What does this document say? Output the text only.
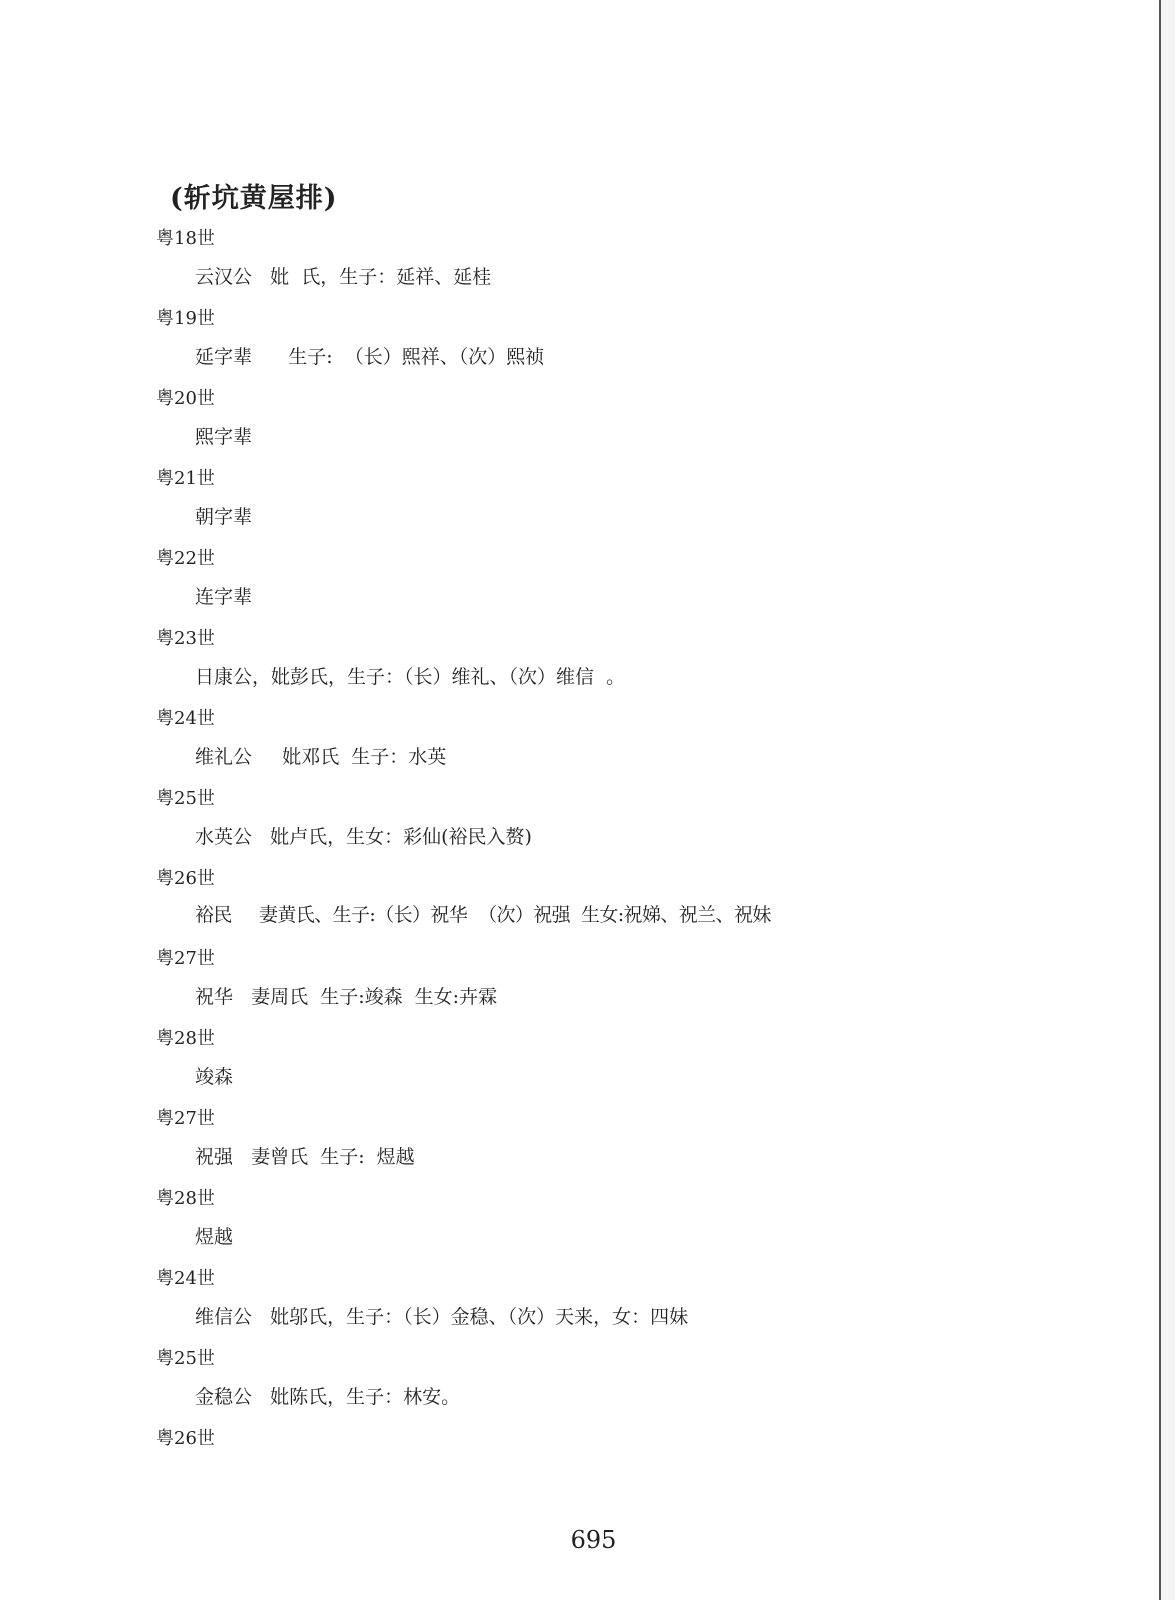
(斩坑黄屋排)
粤18世
云汉公   妣  氏，生子：延祥、延桂
粤19世
延字辈      生子:  （长）熙祥、（次）熙祯
粤20世
熙字辈
粤21世
朝字辈
粤22世
连字辈
粤23世
日康公，妣彭氏，生子：（长）维礼、（次）维信  。
粤24世
维礼公     妣邓氏  生子：水英
粤25世
水英公   妣卢氏，生女：彩仙(裕民入赘)
粤26世
裕民     妻黄氏、生子:（长）祝华  （次）祝强  生女:祝娣、祝兰、祝妹
粤27世
祝华   妻周氏  生子:竣森  生女:卉霖
粤28世
竣森
粤27世
祝强   妻曾氏  生子:  煜越
粤28世
煜越
粤24世
维信公   妣邬氏，生子：（长）金稳、（次）天来，女：四妹
粤25世
金稳公   妣陈氏，生子：林安。
粤26世
695
